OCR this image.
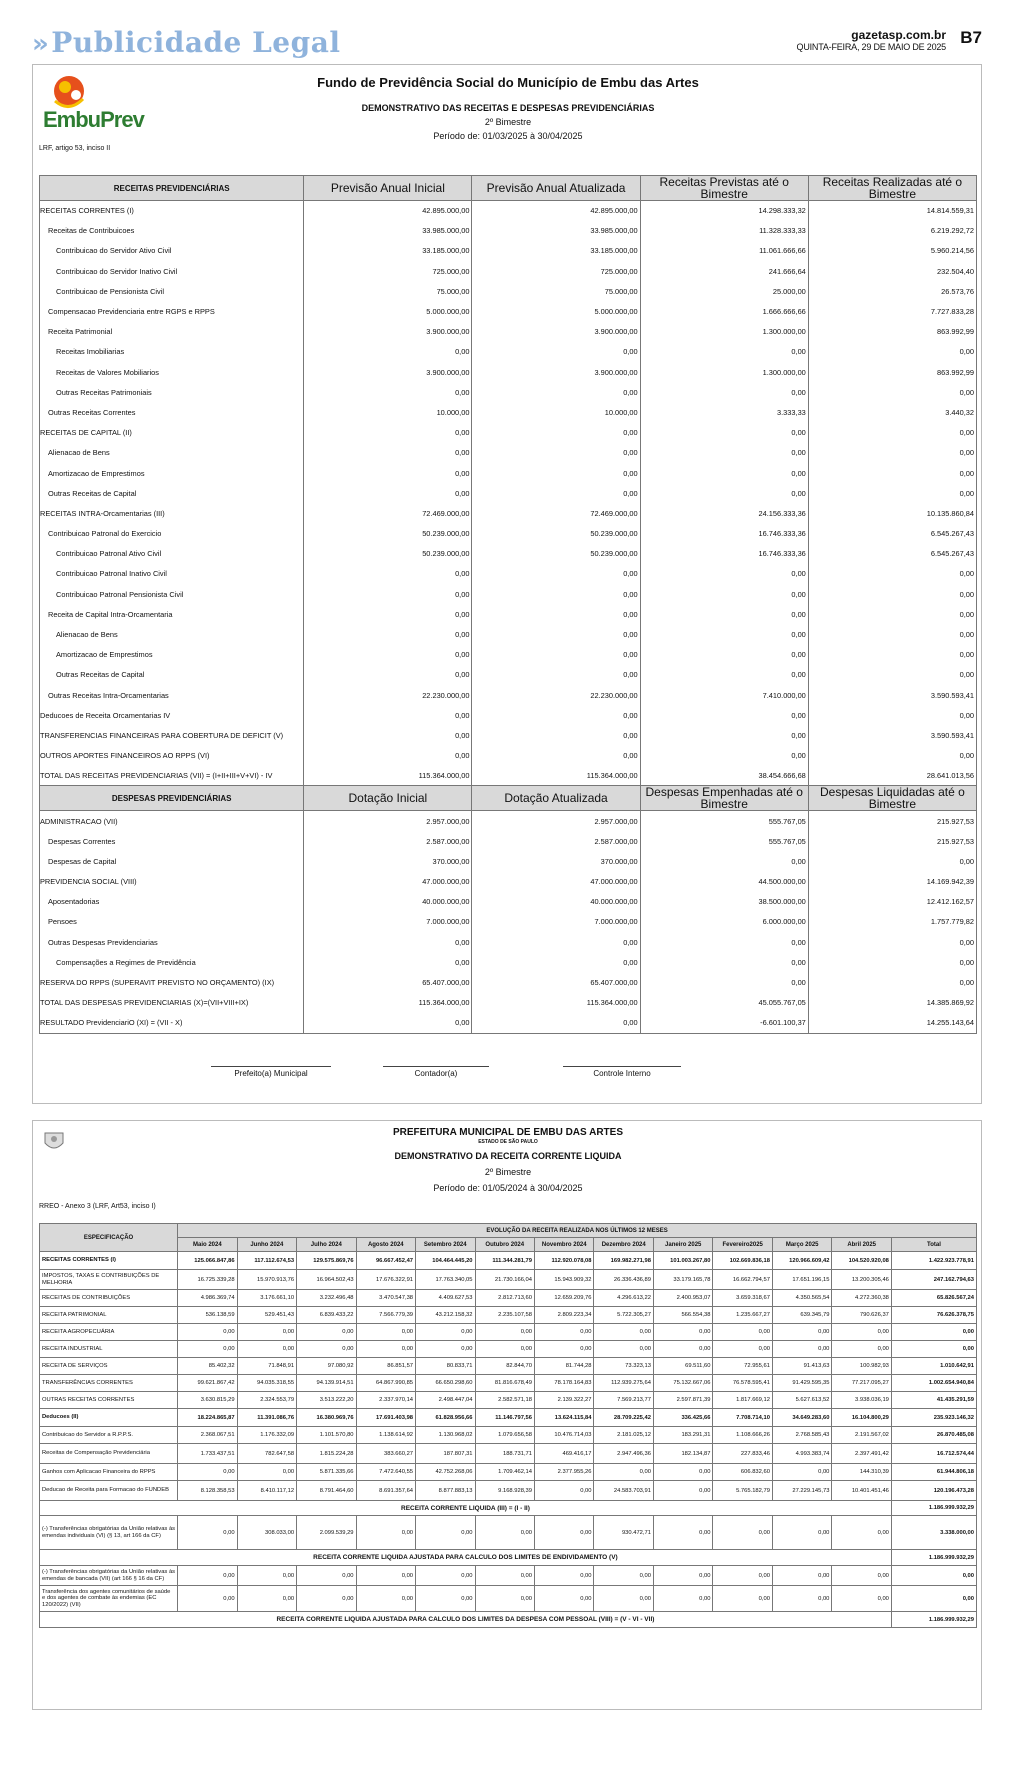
»Publicidade Legal	gazetasp.com.br
QUINTA-FEIRA, 29 DE MAIO DE 2025 B7
EmbuPrev
Fundo de Previdência Social do Município de Embu das Artes
DEMONSTRATIVO DAS RECEITAS E DESPESAS PREVIDENCIÁRIAS
2º Bimestre
Período de: 01/03/2025 à 30/04/2025
LRF, artigo 53, inciso II
RECEITAS PREVIDENCIÁRIAS	Previsão Anual Inicial	Previsão Anual Atualizada	Receitas Previstas até o Bimestre	Receitas Realizadas até o Bimestre
RECEITAS CORRENTES (I)	42.895.000,00	42.895.000,00	14.298.333,32	14.814.559,31
Receitas de Contribuicoes	33.985.000,00	33.985.000,00	11.328.333,33	6.219.292,72
Contribuicao do Servidor Ativo Civil	33.185.000,00	33.185.000,00	11.061.666,66	5.960.214,56
Contribuicao do Servidor Inativo Civil	725.000,00	725.000,00	241.666,64	232.504,40
Contribuicao de Pensionista Civil	75.000,00	75.000,00	25.000,00	26.573,76
Compensacao Previdenciaria entre RGPS e RPPS	5.000.000,00	5.000.000,00	1.666.666,66	7.727.833,28
Receita Patrimonial	3.900.000,00	3.900.000,00	1.300.000,00	863.992,99
Receitas Imobiliarias	0,00	0,00	0,00	0,00
Receitas de Valores Mobiliarios	3.900.000,00	3.900.000,00	1.300.000,00	863.992,99
Outras Receitas Patrimoniais	0,00	0,00	0,00	0,00
Outras Receitas Correntes	10.000,00	10.000,00	3.333,33	3.440,32
RECEITAS DE CAPITAL (II)	0,00	0,00	0,00	0,00
Alienacao de Bens	0,00	0,00	0,00	0,00
Amortizacao de Emprestimos	0,00	0,00	0,00	0,00
Outras Receitas de Capital	0,00	0,00	0,00	0,00
RECEITAS INTRA-Orcamentarias (III)	72.469.000,00	72.469.000,00	24.156.333,36	10.135.860,84
Contribuicao Patronal do Exercicio	50.239.000,00	50.239.000,00	16.746.333,36	6.545.267,43
Contribuicao Patronal Ativo Civil	50.239.000,00	50.239.000,00	16.746.333,36	6.545.267,43
Contribuicao Patronal Inativo Civil	0,00	0,00	0,00	0,00
Contribuicao Patronal Pensionista Civil	0,00	0,00	0,00	0,00
Receita de Capital Intra-Orcamentaria	0,00	0,00	0,00	0,00
Alienacao de Bens	0,00	0,00	0,00	0,00
Amortizacao de Emprestimos	0,00	0,00	0,00	0,00
Outras Receitas de Capital	0,00	0,00	0,00	0,00
Outras Receitas Intra-Orcamentarias	22.230.000,00	22.230.000,00	7.410.000,00	3.590.593,41
Deducoes de Receita Orcamentarias IV	0,00	0,00	0,00	0,00
TRANSFERENCIAS FINANCEIRAS PARA COBERTURA DE DEFICIT (V)	0,00	0,00	0,00	3.590.593,41
OUTROS APORTES FINANCEIROS AO RPPS (VI)	0,00	0,00	0,00	0,00
TOTAL DAS RECEITAS PREVIDENCIARIAS (VII) = (I+II+III+V+VI) - IV	115.364.000,00	115.364.000,00	38.454.666,68	28.641.013,56
DESPESAS PREVIDENCIÁRIAS	Dotação Inicial	Dotação Atualizada	Despesas Empenhadas até o Bimestre	Despesas Liquidadas até o Bimestre
ADMINISTRACAO (VII)	2.957.000,00	2.957.000,00	555.767,05	215.927,53
Despesas Correntes	2.587.000,00	2.587.000,00	555.767,05	215.927,53
Despesas de Capital	370.000,00	370.000,00	0,00	0,00
PREVIDENCIA SOCIAL (VIII)	47.000.000,00	47.000.000,00	44.500.000,00	14.169.942,39
Aposentadorias	40.000.000,00	40.000.000,00	38.500.000,00	12.412.162,57
Pensoes	7.000.000,00	7.000.000,00	6.000.000,00	1.757.779,82
Outras Despesas Previdenciarias	0,00	0,00	0,00	0,00
Compensações a Regimes de Previdência	0,00	0,00	0,00	0,00
RESERVA DO RPPS (SUPERAVIT PREVISTO NO ORÇAMENTO) (IX)	65.407.000,00	65.407.000,00	0,00	0,00
TOTAL DAS DESPESAS PREVIDENCIARIAS (X)=(VII+VIII+IX)	115.364.000,00	115.364.000,00	45.055.767,05	14.385.869,92
RESULTADO PrevidenciariO (XI) = (VII - X)	0,00	0,00	-6.601.100,37	14.255.143,64
Prefeito(a) Municipal	Contador(a)	Controle Interno
PREFEITURA MUNICIPAL DE EMBU DAS ARTES
ESTADO DE SÃO PAULO
DEMONSTRATIVO DA RECEITA CORRENTE LIQUIDA
2º Bimestre
Período de: 01/05/2024 à 30/04/2025
RREO - Anexo 3 (LRF, Art53, inciso I)
ESPECIFICAÇÃO	EVOLUÇÃO DA RECEITA REALIZADA NOS ÚLTIMOS 12 MESES												
	Maio 2024	Junho 2024	Julho 2024	Agosto 2024	Setembro 2024	Outubro 2024	Novembro 2024	Dezembro 2024	Janeiro 2025	Fevereiro2025	Março 2025	Abril 2025	Total
RECEITAS CORRENTES (I)	125.066.847,86	117.112.674,53	129.575.869,76	96.667.452,47	104.464.445,20	111.344.281,79	112.920.078,08	169.982.271,98	101.003.267,80	102.669.836,18	120.966.609,42	104.520.920,08	1.422.923.778,91
IMPOSTOS, TAXAS E CONTRIBUIÇÕES DE MELHORIA	16.725.339,28	15.970.913,76	16.964.502,43	17.676.322,91	17.763.340,05	21.730.166,04	15.943.909,32	26.336.436,89	33.179.165,78	16.662.794,57	17.651.196,15	13.200.305,46	247.162.794,63
RECEITAS DE CONTRIBUIÇÕES	4.986.369,74	3.176.661,10	3.232.496,48	3.470.547,38	4.409.627,53	2.812.713,60	12.659.209,76	4.296.613,22	2.400.953,07	3.659.318,67	4.350.565,54	4.272.360,38	65.826.567,24
RECEITA PATRIMONIAL	536.138,59	529.451,43	6.839.433,22	7.566.779,39	43.212.158,32	2.235.107,58	2.809.223,34	5.722.305,27	566.554,38	1.235.667,27	639.345,79	790.626,37	76.626.378,75
RECEITA AGROPECUÁRIA	0,00	0,00	0,00	0,00	0,00	0,00	0,00	0,00	0,00	0,00	0,00	0,00	0,00
RECEITA INDUSTRIAL	0,00	0,00	0,00	0,00	0,00	0,00	0,00	0,00	0,00	0,00	0,00	0,00	0,00
RECEITA DE SERVIÇOS	85.402,32	71.848,91	97.080,92	86.851,57	80.833,71	82.844,70	81.744,28	73.323,13	69.511,60	72.955,61	91.413,63	100.982,93	1.010.642,91
TRANSFERÊNCIAS CORRENTES	99.621.867,42	94.035.318,55	94.139.914,51	64.867.990,85	66.650.298,60	81.816.678,49	78.178.164,83	112.939.275,64	75.132.667,06	76.578.595,41	91.429.595,35	77.217.095,27	1.002.654.940,84
OUTRAS RECEITAS CORRENTES	3.630.815,29	2.324.553,79	3.513.222,20	2.337.970,14	2.498.447,04	2.582.571,18	2.139.322,27	7.569.213,77	2.597.871,39	1.817.669,12	5.627.613,52	3.938.036,19	41.435.291,59
Deducoes (II)	18.224.865,87	11.391.086,76	16.380.969,76	17.691.403,98	61.828.956,66	11.146.797,56	13.624.115,84	28.709.225,42	336.425,66	7.708.714,10	34.649.283,60	16.104.800,29	235.923.146,32
Contribuicao do Servidor a R.P.P.S.	2.368.067,51	1.176.332,09	1.101.570,80	1.138.614,92	1.130.968,02	1.079.656,58	10.476.714,03	2.181.025,12	183.291,31	1.108.666,26	2.768.585,43	2.191.567,02	26.870.485,08
Receitas de Compensação Previdenciária	1.733.437,51	782.647,58	1.815.224,28	383.660,27	187.807,31	188.731,71	469.416,17	2.947.496,36	182.134,87	227.833,46	4.993.383,74	2.397.491,42	16.712.574,44
Ganhos com Aplicacao Financeira do RPPS	0,00	0,00	5.871.335,66	7.472.640,55	42.752.268,06	1.709.462,14	2.377.955,26	0,00	0,00	606.832,60	0,00	144.310,39	61.944.806,18
Deducao de Receita para Formacao do FUNDEB	8.128.358,53	8.410.117,12	8.791.464,60	8.691.357,64	8.877.883,13	9.168.928,39	0,00	24.583.703,91	0,00	5.765.182,79	27.229.145,73	10.401.451,46	120.196.473,28
RECEITA CORRENTE LIQUIDA (III) = (I - II)													1.186.999.932,29
(-) Transferências obrigatórias da União relativas às emendas individuais (VI) (§ 13, art 166 da CF)	0,00	308.033,00	2.099.539,29	0,00	0,00	0,00	0,00	930.472,71	0,00	0,00	0,00	0,00	3.338.000,00
RECEITA CORRENTE LIQUIDA AJUSTADA PARA CALCULO DOS LIMITES DE ENDIVIDAMENTO (V)													1.186.999.932,29
(-) Transferências obrigatórias da União relativas às emendas de bancada (VII) (art 166 § 16 da CF)	0,00	0,00	0,00	0,00	0,00	0,00	0,00	0,00	0,00	0,00	0,00	0,00	0,00
Transferência dos agentes comunitários de saúde e dos agentes de combate às endemias (EC 120/2022) (VII)	0,00	0,00	0,00	0,00	0,00	0,00	0,00	0,00	0,00	0,00	0,00	0,00	0,00
RECEITA CORRENTE LIQUIDA AJUSTADA PARA CALCULO DOS LIMITES DA DESPESA COM PESSOAL (VIII) = (V - VI - VII)													1.186.999.932,29
